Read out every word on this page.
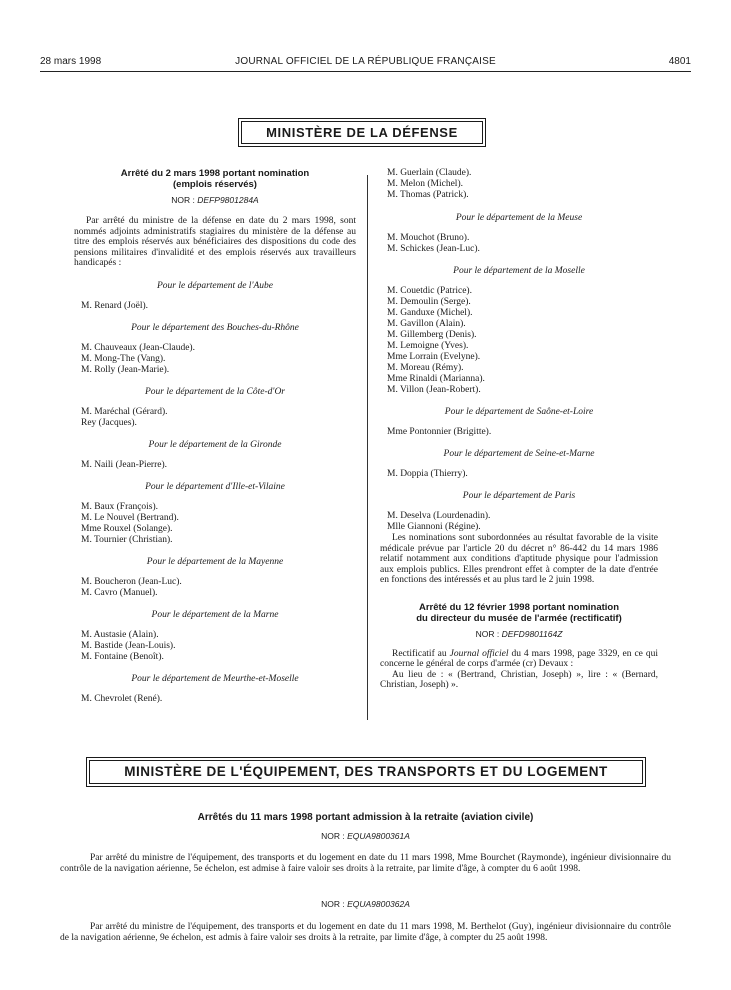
28 mars 1998	JOURNAL OFFICIEL DE LA RÉPUBLIQUE FRANÇAISE	4801
MINISTÈRE DE LA DÉFENSE

Arrêté du 2 mars 1998 portant nomination

(emplois réservés)

NOR : DEFP9801284A

Par arrêté du ministre de la défense en date du 2 mars 1998, sont nommés adjoints administratifs stagiaires du ministère de la défense au titre des emplois réservés aux bénéficiaires des dispositions du code des pensions militaires d'invalidité et des emplois réservés aux travailleurs handicapés :

Pour le département de l'Aube

M. Renard (Joël).

Pour le département des Bouches-du-Rhône

M. Chauveaux (Jean-Claude).
M. Mong-The (Vang).
M. Rolly (Jean-Marie).

Pour le département de la Côte-d'Or

M. Maréchal (Gérard).
Rey (Jacques).

Pour le département de la Gironde

M. Naili (Jean-Pierre).

Pour le département d'Ille-et-Vilaine

M. Baux (François).
M. Le Nouvel (Bertrand).
Mme Rouxel (Solange).
M. Tournier (Christian).

Pour le département de la Mayenne

M. Boucheron (Jean-Luc).
M. Cavro (Manuel).

Pour le département de la Marne

M. Austasie (Alain).
M. Bastide (Jean-Louis).
M. Fontaine (Benoît).

Pour le département de Meurthe-et-Moselle

M. Chevrolet (René).
M. Guerlain (Claude).
M. Melon (Michel).
M. Thomas (Patrick).

Pour le département de la Meuse

M. Mouchot (Bruno).
M. Schickes (Jean-Luc).

Pour le département de la Moselle

M. Couetdic (Patrice).
M. Demoulin (Serge).
M. Ganduxe (Michel).
M. Gavillon (Alain).
M. Gillemberg (Denis).
M. Lemoigne (Yves).
Mme Lorrain (Evelyne).
M. Moreau (Rémy).
Mme Rinaldi (Marianna).
M. Villon (Jean-Robert).

Pour le département de Saône-et-Loire

Mme Pontonnier (Brigitte).

Pour le département de Seine-et-Marne

M. Doppia (Thierry).

Pour le département de Paris

M. Deselva (Lourdenadin).
Mlle Giannoni (Régine).

Les nominations sont subordonnées au résultat favorable de la visite médicale prévue par l'article 20 du décret n° 86-442 du 14 mars 1986 relatif notamment aux conditions d'aptitude physique pour l'admission aux emplois publics. Elles prendront effet à compter de la date d'entrée en fonctions des intéressés et au plus tard le 2 juin 1998.

Arrêté du 12 février 1998 portant nomination

du directeur du musée de l'armée (rectificatif)

NOR : DEFD9801164Z

Rectificatif au Journal officiel du 4 mars 1998, page 3329, en ce qui concerne le général de corps d'armée (cr) Devaux :

Au lieu de : « (Bertrand, Christian, Joseph) », lire : « (Bernard, Christian, Joseph) ».

MINISTÈRE DE L'ÉQUIPEMENT, DES TRANSPORTS ET DU LOGEMENT
Arrêtés du 11 mars 1998 portant admission à la retraite (aviation civile)
NOR : EQUA9800361A

Par arrêté du ministre de l'équipement, des transports et du logement en date du 11 mars 1998, Mme Bourchet (Raymonde), ingénieur divisionnaire du contrôle de la navigation aérienne, 5e échelon, est admise à faire valoir ses droits à la retraite, par limite d'âge, à compter du 6 août 1998.

NOR : EQUA9800362A

Par arrêté du ministre de l'équipement, des transports et du logement en date du 11 mars 1998, M. Berthelot (Guy), ingénieur divisionnaire du contrôle de la navigation aérienne, 9e échelon, est admis à faire valoir ses droits à la retraite, par limite d'âge, à compter du 25 août 1998.
